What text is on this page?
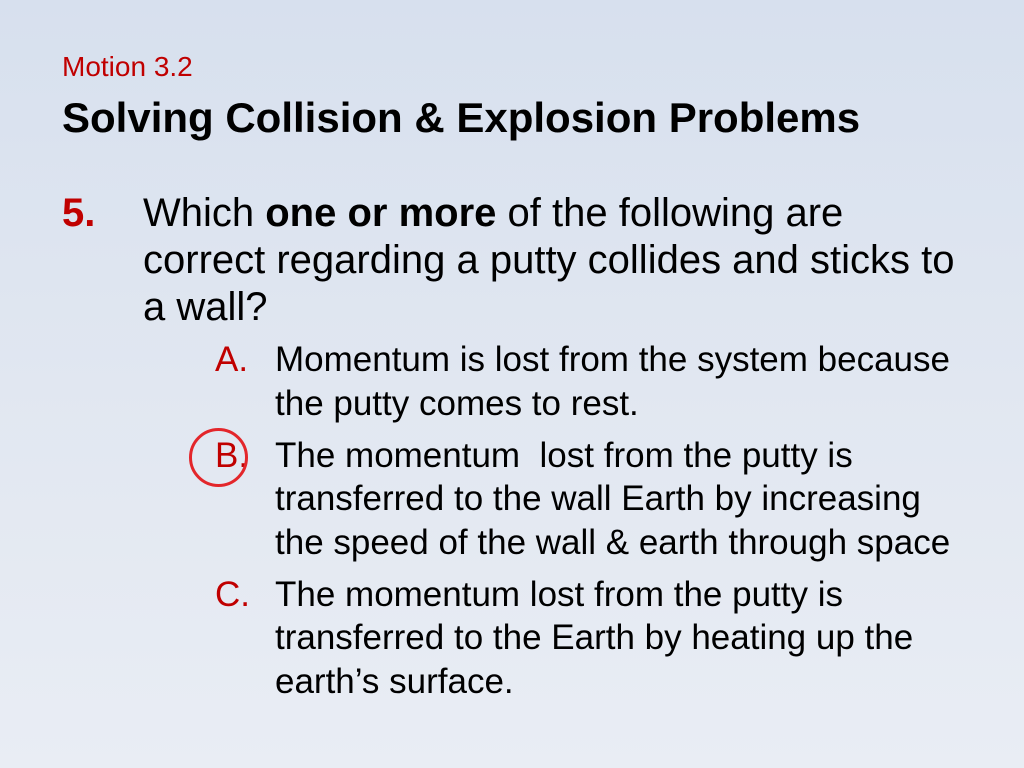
Motion 3.2
Solving Collision & Explosion Problems
5. Which one or more of the following are
correct regarding a putty collides and sticks to
a wall?
A. Momentum is lost from the system because
the putty comes to rest.
B. The momentum  lost from the putty is
transferred to the wall Earth by increasing
the speed of the wall & earth through space
C. The momentum lost from the putty is
transferred to the Earth by heating up the
earth’s surface.
